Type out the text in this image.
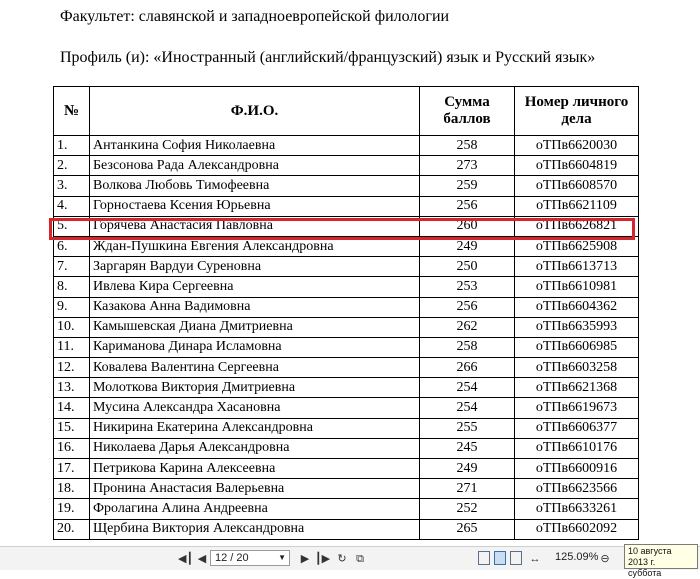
Факультет: славянской и западноевропейской филологии
Профиль (и): «Иностранный (английский/французский) язык и Русский язык»
№	Ф.И.О.	Сумма баллов	Номер личного дела
1.	Антанкина София Николаевна	258	оТПв6620030
2.	Безсонова Рада Александровна	273	оТПв6604819
3.	Волкова Любовь Тимофеевна	259	оТПв6608570
4.	Горностаева Ксения Юрьевна	256	оТПв6621109
5.	Горячева Анастасия Павловна	260	оТПв6626821
6.	Ждан-Пушкина Евгения Александровна	249	оТПв6625908
7.	Заргарян Вардуи Суреновна	250	оТПв6613713
8.	Ивлева Кира Сергеевна	253	оТПв6610981
9.	Казакова Анна Вадимовна	256	оТПв6604362
10.	Камышевская Диана Дмитриевна	262	оТПв6635993
11.	Кариманова Динара Исламовна	258	оТПв6606985
12.	Ковалева Валентина Сергеевна	266	оТПв6603258
13.	Молоткова Виктория Дмитриевна	254	оТПв6621368
14.	Мусина Александра Хасановна	254	оТПв6619673
15.	Никирина Екатерина Александровна	255	оТПв6606377
16.	Николаева Дарья Александровна	245	оТПв6610176
17.	Петрикова Карина Алексеевна	249	оТПв6600916
18.	Пронина Анастасия Валерьевна	271	оТПв6623566
19.	Фролагина Алина Андреевна	252	оТПв6633261
20.	Щербина Виктория Александровна	265	оТПв6602092
◀┃ ◀ 12 / 20	▼ ▶ ┃▶ ↻ ⧉	↔ 125.09% ⊖
10 августа 2013 г.
суббота
